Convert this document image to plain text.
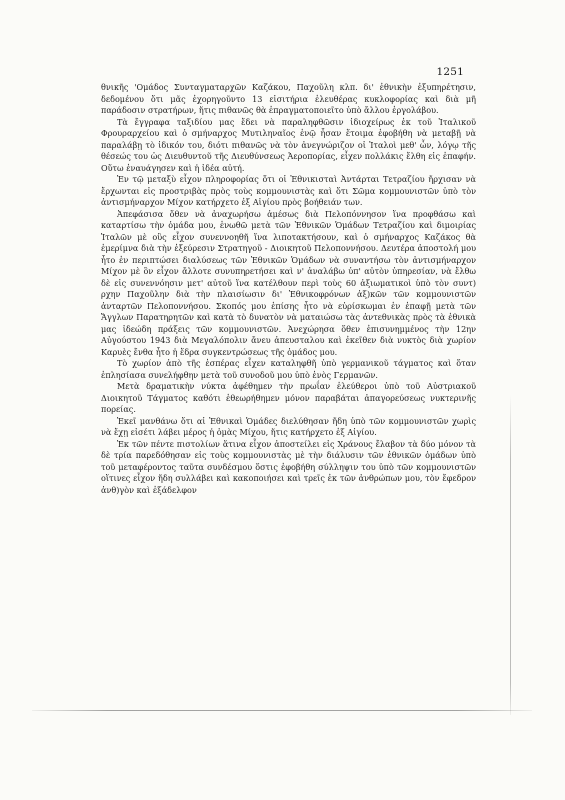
1251

θνικῆς 'Ομάδος Συνταγματαρχῶν Καζάκου, Παχοῦλη κλπ. δι' ἐθνικὴν ἐξυπηρέτησιν, δεδομένου ὅτι μᾶς ἐχορηγοῦντο 13 εἰσιτήρια ἐλευθέρας κυκλοφορίας καὶ διὰ μῆ παράδοσιν στρατήρων, ἥτις πιθανῶς θὰ ἐπραγματοποιεῖτο ὑπὸ ἄλλου ἐργολάβου.

Τὰ ἔγγραφα ταξιδίου μας ἔδει νὰ παραληφθῶσιν ἰδιοχείρως ἐκ τοῦ Ἰταλικοῦ Φρουραρχείου καὶ ὁ σμήναρχος Μυτιληναῖος ἐνῷ ἦσαν ἕτοιμα ἐφοβήθη νὰ μεταβῇ νὰ παραλάβῃ τὸ ἰδικόν του, διότι πιθανῶς νὰ τὸν ἀνεγνώριζον οἱ Ἰταλοὶ μεθ' ὧν, λόγῳ τῆς θέσεώς του ὡς Διευθυντοῦ τῆς Διευθύνσεως Ἀεροπορίας, εἶχεν πολλάκις ἔλθη εἰς ἐπαφήν. Οὕτω ἐναυάγησεν καὶ ἡ ἰδέα αὐτή.

Ἐν τῷ μεταξὺ εἶχον πληροφορίας ὅτι οἱ Ἐθνικισταὶ Ἀντάρται Τετραζίου ἤρχισαν νὰ ἔρχωνται εἰς προστριβὰς πρὸς τοὺς κομμουνιστὰς καὶ ὅτι Σῶμα κομμουνιστῶν ὑπὸ τὸν ἀντισμήναρχον Μίχον κατήρχετο ἐξ Αἰγίου πρὸς βοήθειάν των.

Ἀπεφάσισα ὅθεν νὰ ἀναχωρήσω ἀμέσως διὰ Πελοπόννησον ἵνα προφθάσω καὶ καταρτίσω τὴν ὁμάδα μου, ἑνωθῶ μετὰ τῶν Ἐθνικῶν Ὁμάδων Τετραζίου καὶ διμοιρίας Ἰταλῶν μὲ οὓς εἶχον συνεννοηθῆ ἵνα λιποτακτήσουν, καὶ ὁ σμήναρχος Καζάκος θὰ ἐμερίμνα διὰ τὴν ἐξεύρεσιν Στρατηγοῦ - Διοικητοῦ Πελοποννήσου. Δευτέρα ἀποστολή μου ἦτο ἐν περιπτώσει διαλύσεως τῶν Ἐθνικῶν Ὁμάδων νὰ συναντήσω τὸν ἀντισμήναρχον Μίχον μὲ ὃν εἶχον ἄλλοτε συνυπηρετήσει καὶ ν' ἀναλάβω ὑπ' αὐτὸν ὑπηρεσίαν, νὰ ἔλθω δὲ εἰς συνεννόησιν μετ' αὐτοῦ ἵνα κατέλθουν περὶ τοὺς 60 ἀξιωματικοὶ ὑπὸ τὸν συντ) ρχην Παχοῦλην διὰ τὴν πλαισίωσιν δι' Ἐθνικοφρόνων ἀξ)κῶν τῶν κομμουνιστῶν ἀνταρτῶν Πελοποννήσου. Σκοπός μου ἐπίσης ἦτο νὰ εὑρίσκωμαι ἐν ἐπαφῇ μετὰ τῶν Ἄγγλων Παρατηρητῶν καὶ κατὰ τὸ δυνατὸν νὰ ματαιώσω τὰς ἀντεθνικὰς πρὸς τὰ ἐθνικὰ μας ἰδεώδη πράξεις τῶν κομμουνιστῶν. Ἀνεχώρησα ὅθεν ἐπισυνημμένος τὴν 12ην Αὐγούστου 1943 διὰ Μεγαλόπολιν ἄνευ ἀπευσταλου καὶ ἐκεῖθεν διὰ νυκτὸς διὰ χωρίον Καρυὲς ἔνθα ἦτο ἡ ἕδρα συγκεντρώσεως τῆς ὁμάδος μου.

Τὸ χωρίον ἀπὸ τῆς ἑσπέρας εἶχεν καταληφθῆ ὑπὸ γερμανικοῦ τάγματος καὶ ὅταν ἐπλησίασα συνελήφθην μετὰ τοῦ συνοδοῦ μου ὑπὸ ἑνὸς Γερμανῶν.

Μετὰ δραματικὴν νύκτα ἀφέθημεν τὴν πρωΐαν ἐλεύθεροι ὑπὸ τοῦ Αὐστριακοῦ Διοικητοῦ Τάγματος καθότι ἐθεωρήθημεν μόνον παραβάται ἀπαγορεύσεως νυκτερινῆς πορείας.

Ἐκεῖ μανθάνω ὅτι αἱ Ἐθνικαὶ Ὁμάδες διελύθησαν ἤδη ὑπὸ τῶν κομμουνιστῶν χωρὶς νὰ ἔχῃ εἰσέτι λάβει μέρος ἡ ὁμὰς Μίχου, ἥτις κατήρχετο ἐξ Αἰγίου.

Ἐκ τῶν πέντε πιστολίων ἅτινα εἶχον ἀποστείλει εἰς Χράνους ἔλαβον τὰ δύο μόνον τὰ δὲ τρία παρεδόθησαν εἰς τοὺς κομμουνιστὰς μὲ τὴν διάλυσιν τῶν ἐθνικῶν ὁμάδων ὑπὸ τοῦ μεταφέροντος ταῦτα συνδέσμου ὅστις ἐφοβήθη σύλληψιν του ὑπὸ τῶν κομμουνιστῶν οἵτινες εἶχον ἤδη συλλάβει καὶ κακοποιήσει καὶ τρεῖς ἐκ τῶν ἀνθρώπων μου, τὸν ἔφεδρον ἀνθ)γὸν καὶ ἐξάδελφον
